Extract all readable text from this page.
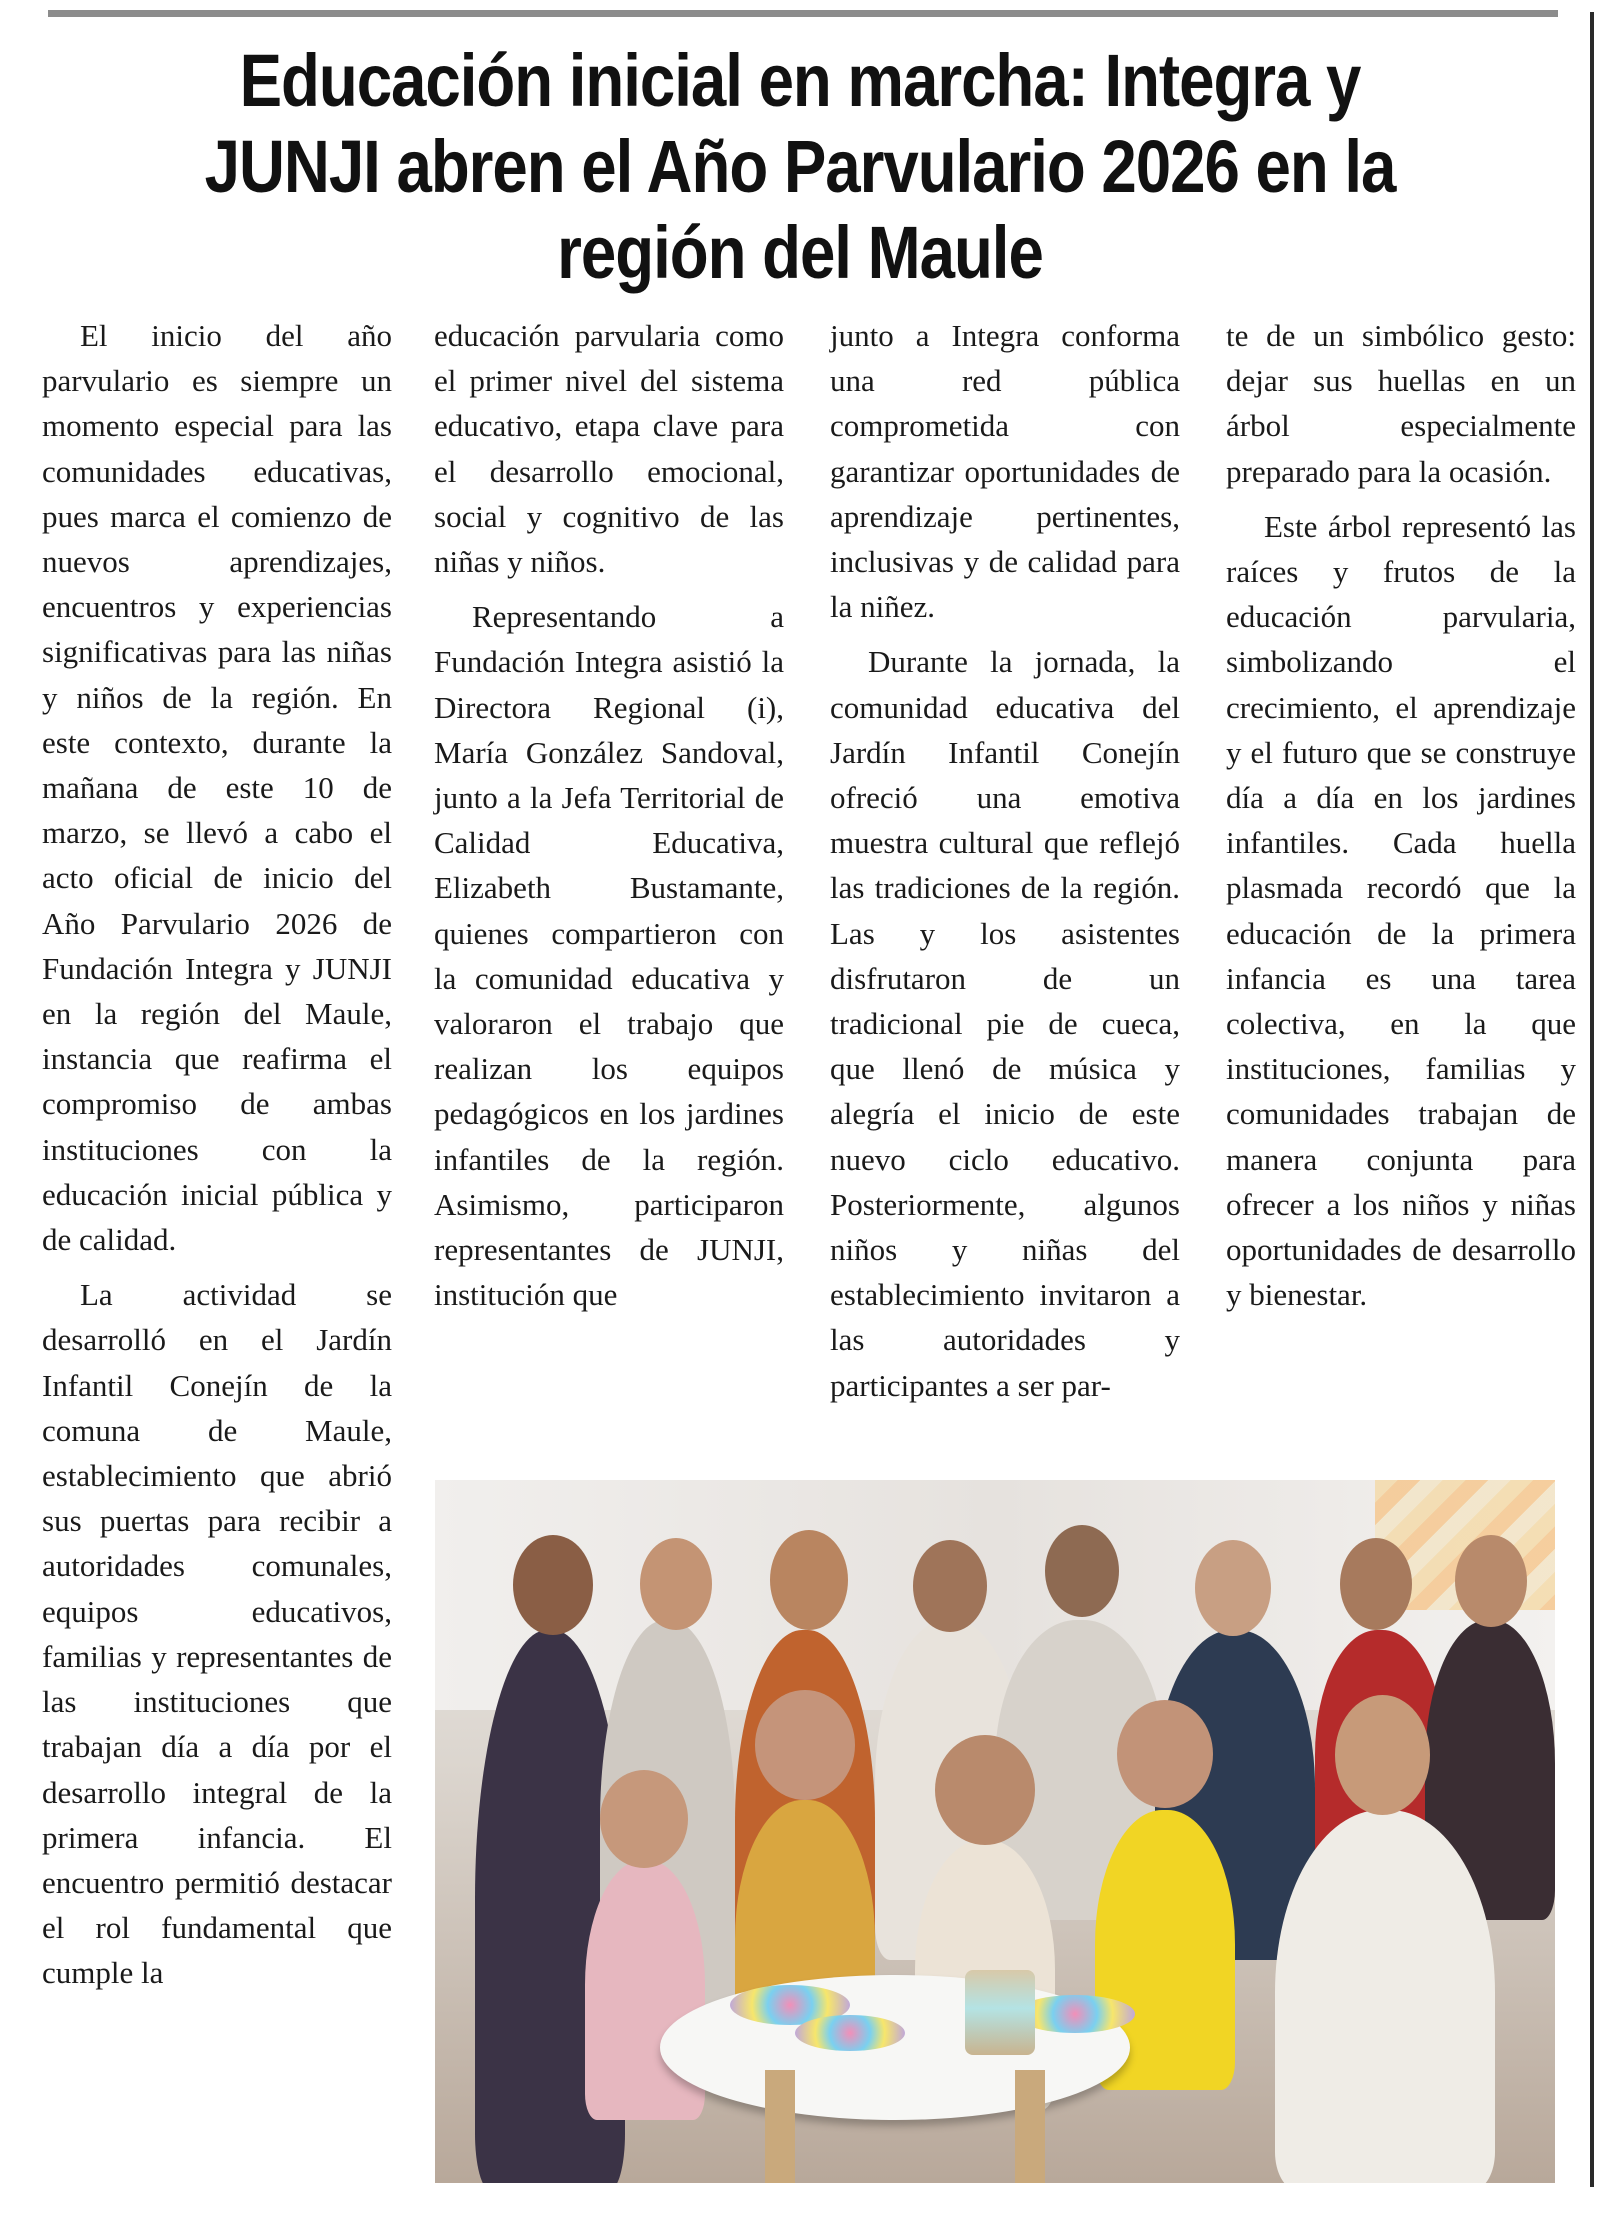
Educación inicial en marcha: Integra y JUNJI abren el Año Parvulario 2026 en la región del Maule

El inicio del año parvulario es siempre un momento especial para las comunidades educativas, pues marca el comienzo de nuevos aprendizajes, encuentros y experiencias significativas para las niñas y niños de la región. En este contexto, durante la mañana de este 10 de marzo, se llevó a cabo el acto oficial de inicio del Año Parvulario 2026 de Fundación Integra y JUNJI en la región del Maule, instancia que reafirma el compromiso de ambas instituciones con la educación inicial pública y de calidad.

La actividad se desarrolló en el Jardín Infantil Conejín de la comuna de Maule, establecimiento que abrió sus puertas para recibir a autoridades comunales, equipos educativos, familias y representantes de las instituciones que trabajan día a día por el desarrollo integral de la primera infancia. El encuentro permitió destacar el rol fundamental que cumple la

educación parvularia como el primer nivel del sistema educativo, etapa clave para el desarrollo emocional, social y cognitivo de las niñas y niños.

Representando a Fundación Integra asistió la Directora Regional (i), María González Sandoval, junto a la Jefa Territorial de Calidad Educativa, Elizabeth Bustamante, quienes compartieron con la comunidad educativa y valoraron el trabajo que realizan los equipos pedagógicos en los jardines infantiles de la región. Asimismo, participaron representantes de JUNJI, institución que

junto a Integra conforma una red pública comprometida con garantizar oportunidades de aprendizaje pertinentes, inclusivas y de calidad para la niñez.

Durante la jornada, la comunidad educativa del Jardín Infantil Conejín ofreció una emotiva muestra cultural que reflejó las tradiciones de la región. Las y los asistentes disfrutaron de un tradicional pie de cueca, que llenó de música y alegría el inicio de este nuevo ciclo educativo. Posteriormente, algunos niños y niñas del establecimiento invitaron a las autoridades y participantes a ser par-

te de un simbólico gesto: dejar sus huellas en un árbol especialmente preparado para la ocasión.

Este árbol representó las raíces y frutos de la educación parvularia, simbolizando el crecimiento, el aprendizaje y el futuro que se construye día a día en los jardines infantiles. Cada huella plasmada recordó que la educación de la primera infancia es una tarea colectiva, en la que instituciones, familias y comunidades trabajan de manera conjunta para ofrecer a los niños y niñas oportunidades de desarrollo y bienestar.
